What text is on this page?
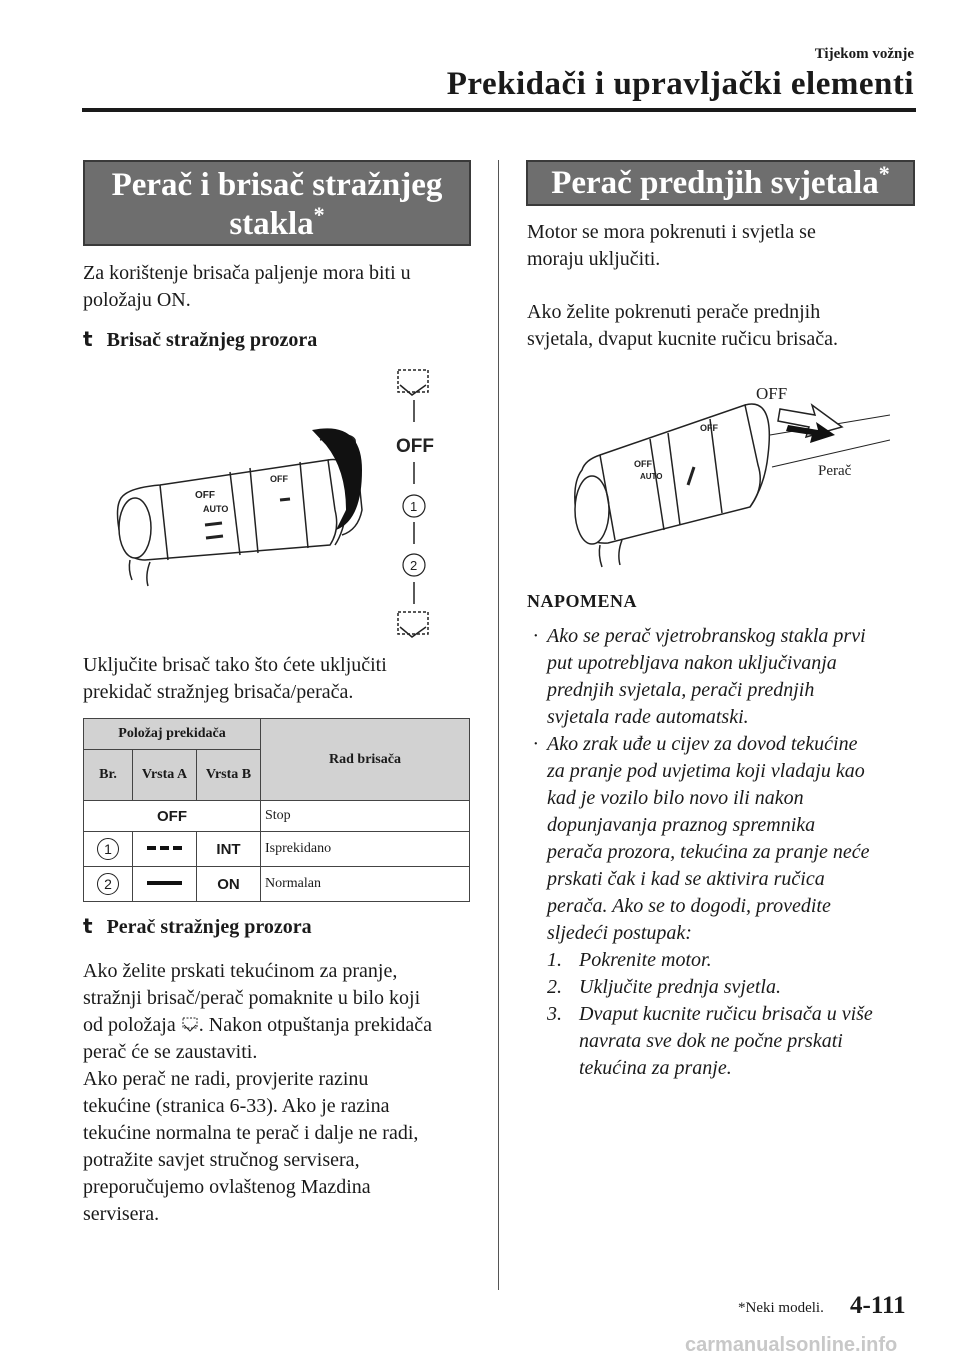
Tijekom vožnje
Prekidači i upravljački elementi
Perač i brisač stražnjeg
stakla*
Za korištenje brisača paljenje mora biti u
položaju ON.
t Brisač stražnjeg prozora
OFF
AUTO
OFF
OFF
1
2
Uključite brisač tako što ćete uključiti
prekidač stražnjeg brisača/perača.
Položaj prekidača			Rad brisača
Br.	Vrsta A	Vrsta B	
OFF			Stop
1		INT	Isprekidano
2		ON	Normalan
t Perač stražnjeg prozora
Ako želite prskati tekućinom za pranje,
stražnji brisač/perač pomaknite u bilo koji
od položaja . Nakon otpuštanja prekidača
perač će se zaustaviti.
Ako perač ne radi, provjerite razinu
tekućine (stranica 6-33). Ako je razina
tekućine normalna te perač i dalje ne radi,
potražite savjet stručnog servisera,
preporučujemo ovlaštenog Mazdina
servisera.
Perač prednjih svjetala*
Motor se mora pokrenuti i svjetla se
moraju uključiti.
Ako želite pokrenuti perače prednjih
svjetala, dvaput kucnite ručicu brisača.
OFF
AUTO
OFF
OFF
Perač
NAPOMENA
· Ako se perač vjetrobranskog stakla prvi
put upotrebljava nakon uključivanja
prednjih svjetala, perači prednjih
svjetala rade automatski.
· Ako zrak uđe u cijev za dovod tekućine
za pranje pod uvjetima koji vladaju kao
kad je vozilo bilo novo ili nakon
dopunjavanja praznog spremnika
perača prozora, tekućina za pranje neće
prskati čak i kad se aktivira ručica
perača. Ako se to dogodi, provedite
sljedeći postupak:
1. Pokrenite motor.
2. Uključite prednja svjetla.
3. Dvaput kucnite ručicu brisača u više
navrata sve dok ne počne prskati
tekućina za pranje.
*Neki modeli. 4-111
carmanualsonline.info
